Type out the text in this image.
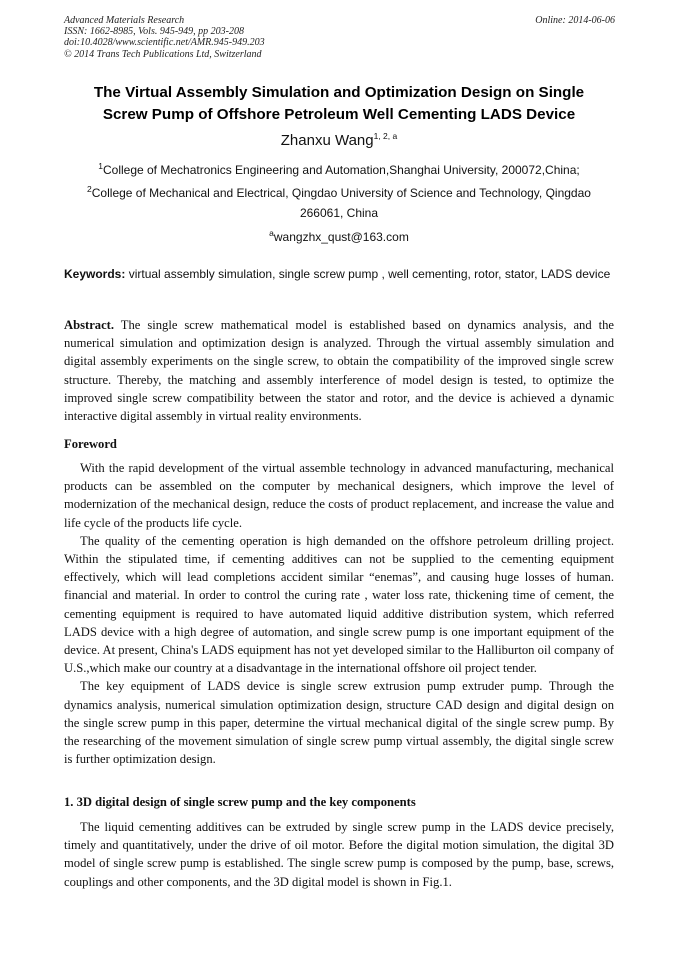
Advanced Materials Research
ISSN: 1662-8985, Vols. 945-949, pp 203-208
doi:10.4028/www.scientific.net/AMR.945-949.203
© 2014 Trans Tech Publications Ltd, Switzerland
Online: 2014-06-06
The Virtual Assembly Simulation and Optimization Design on Single
Screw Pump of Offshore Petroleum Well Cementing LADS Device
Zhanxu Wang$^{1, 2, a}$
$^1$College of Mechatronics Engineering and Automation,Shanghai University, 200072,China;
$^2$College of Mechanical and Electrical, Qingdao University of Science and Technology, Qingdao
266061, China
$^a$wangzhx_qust@163.com
Keywords: virtual assembly simulation, single screw pump , well cementing, rotor, stator, LADS device
Abstract. The single screw mathematical model is established based on dynamics analysis, and the numerical simulation and optimization design is analyzed. Through the virtual assembly simulation and digital assembly experiments on the single screw, to obtain the compatibility of the improved single screw structure. Thereby, the matching and assembly interference of model design is tested, to optimize the improved single screw compatibility between the stator and rotor, and the device is achieved a dynamic interactive digital assembly in virtual reality environments.
Foreword

With the rapid development of the virtual assemble technology in advanced manufacturing, mechanical products can be assembled on the computer by mechanical designers, which improve the level of modernization of the mechanical design, reduce the costs of product replacement, and increase the value and life cycle of the products life cycle.

The quality of the cementing operation is high demanded on the offshore petroleum drilling project. Within the stipulated time, if cementing additives can not be supplied to the cementing equipment effectively, which will lead completions accident similar “enemas”, and causing huge losses of human. financial and material. In order to control the curing rate , water loss rate, thickening time of cement, the cementing equipment is required to have automated liquid additive distribution system, which referred LADS device with a high degree of automation, and single screw pump is one important equipment of the device. At present, China's LADS equipment has not yet developed similar to the Halliburton oil company of U.S.,which make our country at a disadvantage in the international offshore oil project tender.

The key equipment of LADS device is single screw extrusion pump extruder pump. Through the dynamics analysis, numerical simulation optimization design, structure CAD design and digital design on the single screw pump in this paper, determine the virtual mechanical digital of the single screw pump. By the researching of the movement simulation of single screw pump virtual assembly, the digital single screw is further optimization design.

1. 3D digital design of single screw pump and the key components

The liquid cementing additives can be extruded by single screw pump in the LADS device precisely, timely and quantitatively, under the drive of oil motor. Before the digital motion simulation, the digital 3D model of single screw pump is established. The single screw pump is composed by the pump, base, screws, couplings and other components, and the 3D digital model is shown in Fig.1.
